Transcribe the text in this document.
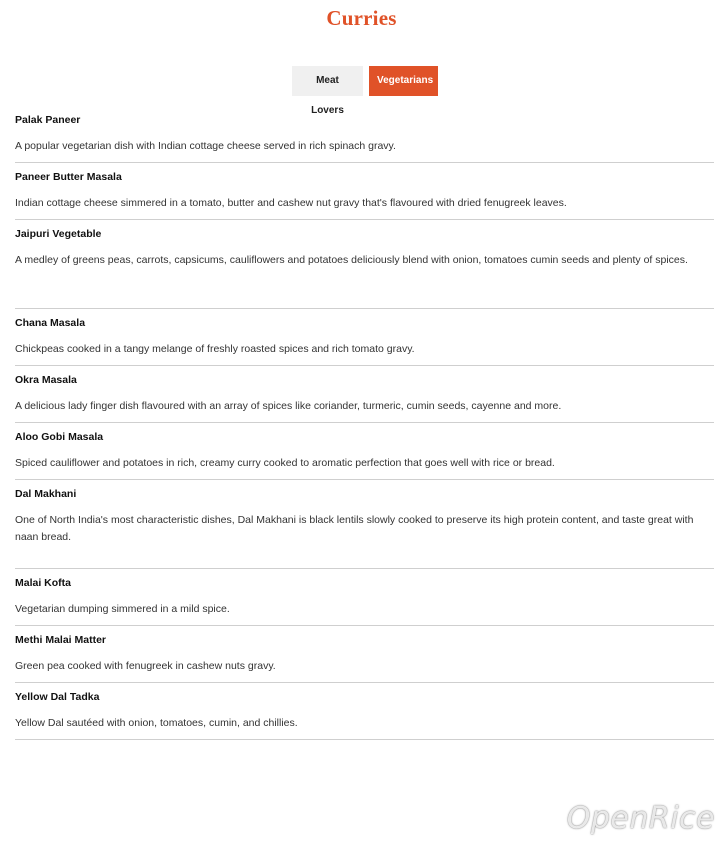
Curries
Meat Lovers
Vegetarians
Palak Paneer
A popular vegetarian dish with Indian cottage cheese served in rich spinach gravy.
Paneer Butter Masala
Indian cottage cheese simmered in a tomato, butter and cashew nut gravy that's flavoured with dried fenugreek leaves.
Jaipuri Vegetable
A medley of greens peas, carrots, capsicums, cauliflowers and potatoes deliciously blend with onion, tomatoes cumin seeds and plenty of spices.
Chana Masala
Chickpeas cooked in a tangy melange of freshly roasted spices and rich tomato gravy.
Okra Masala
A delicious lady finger dish flavoured with an array of spices like coriander, turmeric, cumin seeds, cayenne and more.
Aloo Gobi Masala
Spiced cauliflower and potatoes in rich, creamy curry cooked to aromatic perfection that goes well with rice or bread.
Dal Makhani
One of North India's most characteristic dishes, Dal Makhani is black lentils slowly cooked to preserve its high protein content, and taste great with naan bread.
Malai Kofta
Vegetarian dumping simmered in a mild spice.
Methi Malai Matter
Green pea cooked with fenugreek in cashew nuts gravy.
Yellow Dal Tadka
Yellow Dal sautéed with onion, tomatoes, cumin, and chillies.
OpenRice
